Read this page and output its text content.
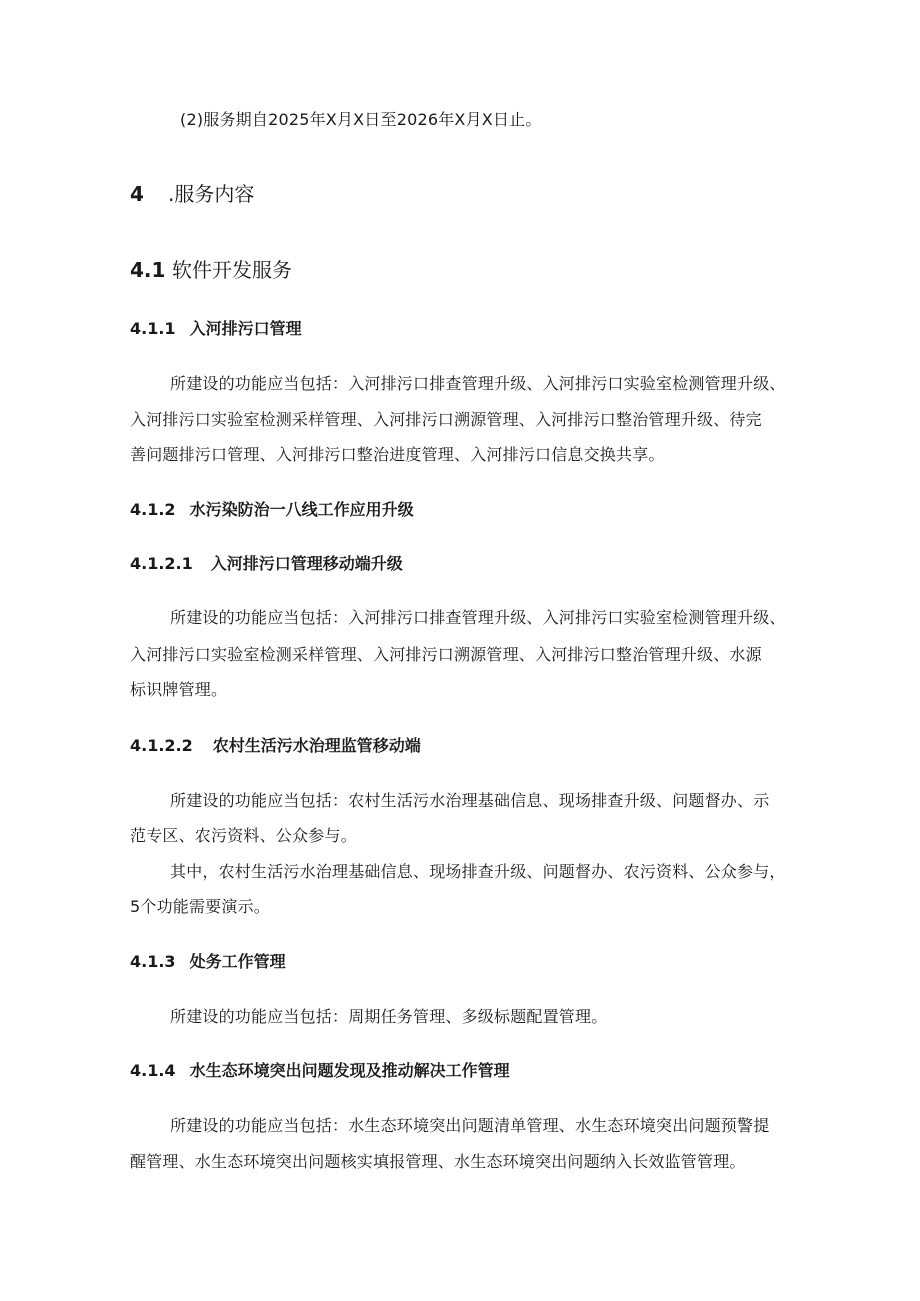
(2)服务期自2025年X月X日至2026年X月X日止。
4 .服务内容
4.1 软件开发服务
4.1.1 入河排污口管理
所建设的功能应当包括：入河排污口排查管理升级、入河排污口实验室检测管理升级、
入河排污口实验室检测采样管理、入河排污口溯源管理、入河排污口整治管理升级、待完
善问题排污口管理、入河排污口整治进度管理、入河排污口信息交换共享。
4.1.2 水污染防治一八线工作应用升级
4.1.2.1 入河排污口管理移动端升级
所建设的功能应当包括：入河排污口排查管理升级、入河排污口实验室检测管理升级、
入河排污口实验室检测采样管理、入河排污口溯源管理、入河排污口整治管理升级、水源
标识牌管理。
4.1.2.2 农村生活污水治理监管移动端
所建设的功能应当包括：农村生活污水治理基础信息、现场排查升级、问题督办、示
范专区、农污资料、公众参与。
其中，农村生活污水治理基础信息、现场排查升级、问题督办、农污资料、公众参与，
5个功能需要演示。
4.1.3 处务工作管理
所建设的功能应当包括：周期任务管理、多级标题配置管理。
4.1.4 水生态环境突出问题发现及推动解决工作管理
所建设的功能应当包括：水生态环境突出问题清单管理、水生态环境突出问题预警提
醒管理、水生态环境突出问题核实填报管理、水生态环境突出问题纳入长效监管管理。
